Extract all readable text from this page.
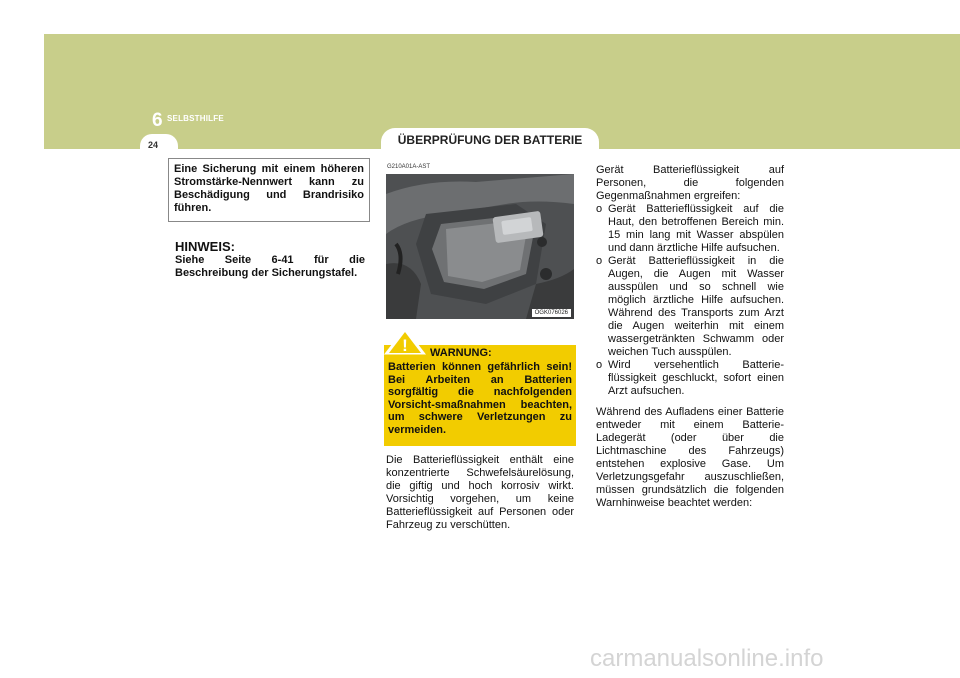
6 SELBSTHILFE
24	ÜBERPRÜFUNG DER BATTERIE
Eine Sicherung mit einem höheren Stromstärke-Nennwert kann zu Beschädigung und Brandrisiko führen.
HINWEIS:
Siehe Seite 6-41 für die Beschreibung der Sicherungstafel.
G210A01A-AST
OGK076026
Batterien können gefährlich sein! Bei Arbeiten an Batterien sorgfältig die nachfolgenden Vorsicht-smaßnahmen beachten, um schwere Verletzungen zu vermeiden.
! WARNUNG:
Die Batterieflüssigkeit enthält eine konzentrierte Schwefelsäurelösung, die giftig und hoch korrosiv wirkt. Vorsichtig vorgehen, um keine Batterieflüssigkeit auf Personen oder Fahrzeug zu verschütten.

Gerät Batterieflüssigkeit auf Personen, die folgenden Gegenmaßnahmen ergreifen:

o Gerät Batterieflüssigkeit auf die Haut, den betroffenen Bereich min. 15 min lang mit Wasser abspülen und dann ärztliche Hilfe aufsuchen.
o Gerät Batterieflüssigkeit in die Augen, die Augen mit Wasser ausspülen und so schnell wie möglich ärztliche Hilfe aufsuchen. Während des Transports zum Arzt die Augen weiterhin mit einem wassergetränkten Schwamm oder weichen Tuch ausspülen.
o Wird versehentlich Batterie-flüssigkeit geschluckt, sofort einen Arzt aufsuchen.

Während des Aufladens einer Batterie entweder mit einem Batterie-Ladegerät (oder über die Lichtmaschine des Fahrzeugs) entstehen explosive Gase. Um Verletzungsgefahr auszuschließen, müssen grundsätzlich die folgenden Warnhinweise beachtet werden:

carmanualsonline.info
